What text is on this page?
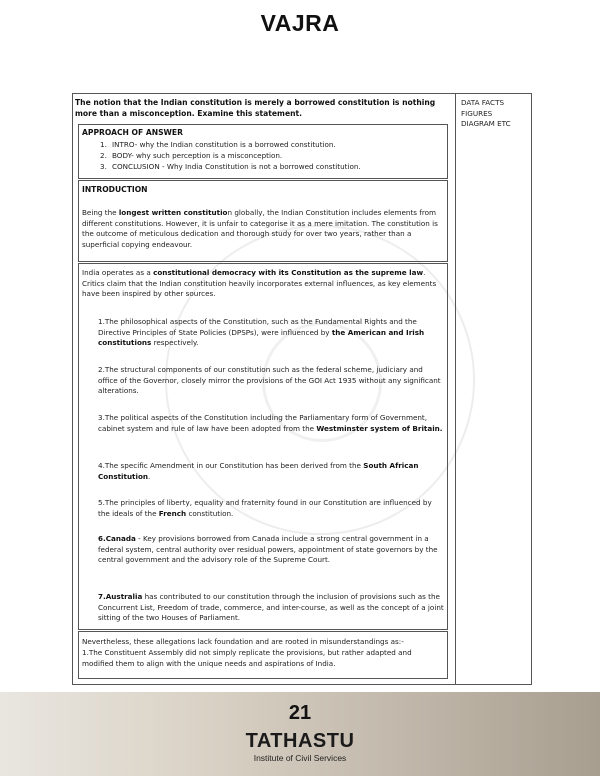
VAJRA
DATA FACTS
FIGURES
DIAGRAM ETC
The notion that the Indian constitution is merely a borrowed constitution is nothing more than a misconception. Examine this statement.
APPROACH OF ANSWER
1. INTRO- why the Indian constitution is a borrowed constitution.
2. BODY- why such perception is a misconception.
3. CONCLUSION - Why India Constitution is not a borrowed constitution.
INTRODUCTION
Being the longest written constitution globally, the Indian Constitution includes elements from different constitutions. However, it is unfair to categorise it as a mere imitation. The constitution is the outcome of meticulous dedication and thorough study for over two years, rather than a superficial copying endeavour.
India operates as a constitutional democracy with its Constitution as the supreme law. Critics claim that the Indian constitution heavily incorporates external influences, as key elements have been inspired by other sources.
1.The philosophical aspects of the Constitution, such as the Fundamental Rights and the Directive Principles of State Policies (DPSPs), were influenced by the American and Irish constitutions respectively.
2.The structural components of our constitution such as the federal scheme, judiciary and office of the Governor, closely mirror the provisions of the GOI Act 1935 without any significant alterations.
3.The political aspects of the Constitution including the Parliamentary form of Government, cabinet system and rule of law have been adopted from the Westminster system of Britain.
4.The specific Amendment in our Constitution has been derived from the South African Constitution.
5.The principles of liberty, equality and fraternity found in our Constitution are influenced by the ideals of the French constitution.
6.Canada - Key provisions borrowed from Canada include a strong central government in a federal system, central authority over residual powers, appointment of state governors by the central government and the advisory role of the Supreme Court.
7.Australia has contributed to our constitution through the inclusion of provisions such as the Concurrent List, Freedom of trade, commerce, and inter-course, as well as the concept of a joint sitting of the two Houses of Parliament.
Nevertheless, these allegations lack foundation and are rooted in misunderstandings as:-
1.The Constituent Assembly did not simply replicate the provisions, but rather adapted and modified them to align with the unique needs and aspirations of India.
21
TATHASTU
Institute of Civil Services
